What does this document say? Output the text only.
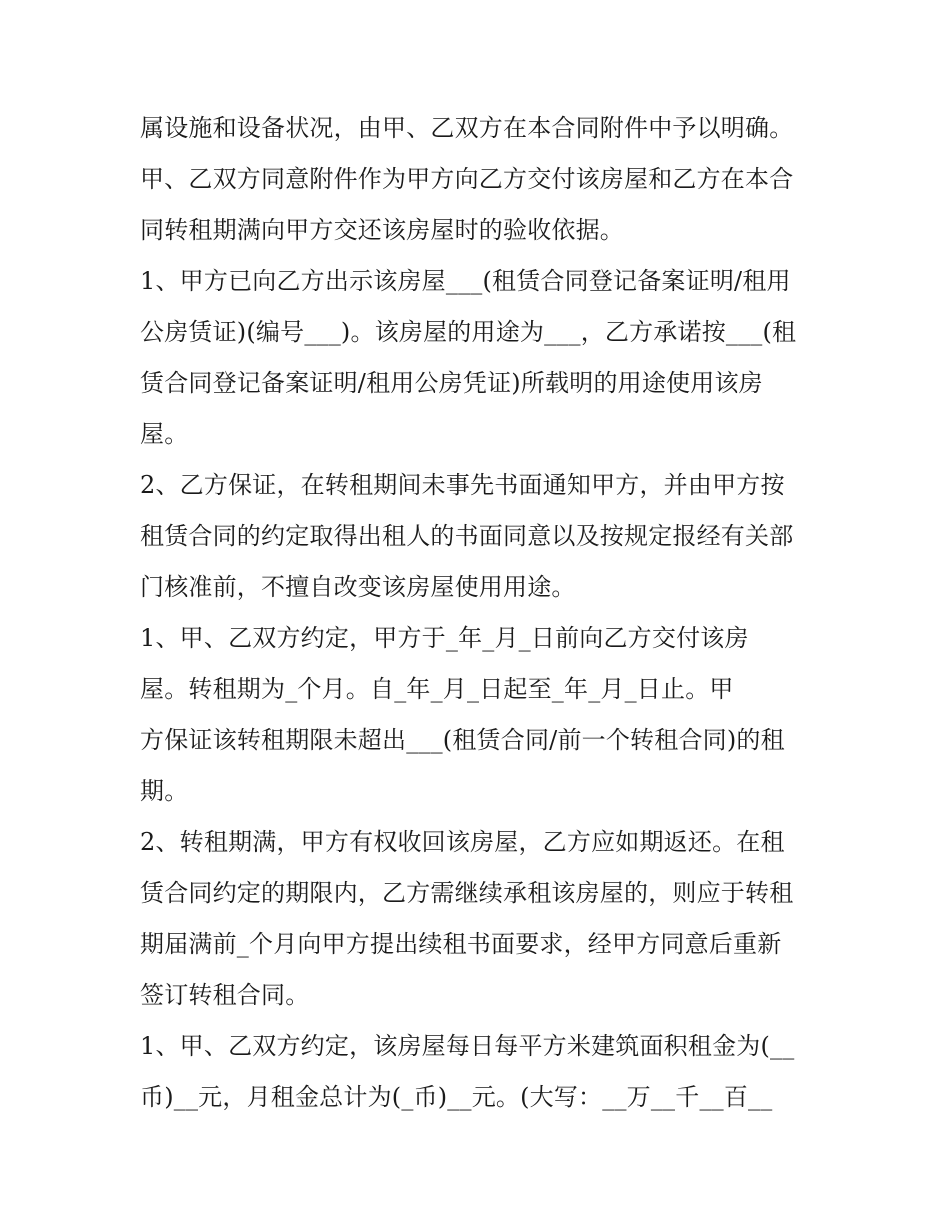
属设施和设备状况，由甲、乙双方在本合同附件中予以明确。
甲、乙双方同意附件作为甲方向乙方交付该房屋和乙方在本合
同转租期满向甲方交还该房屋时的验收依据。
1、甲方已向乙方出示该房屋___(租赁合同登记备案证明/租用
公房赁证)(编号___)。该房屋的用途为___，乙方承诺按___(租
赁合同登记备案证明/租用公房凭证)所载明的用途使用该房
屋。
2、乙方保证，在转租期间未事先书面通知甲方，并由甲方按
租赁合同的约定取得出租人的书面同意以及按规定报经有关部
门核准前，不擅自改变该房屋使用用途。
1、甲、乙双方约定，甲方于_年_月_日前向乙方交付该房
屋。转租期为_个月。自_年_月_日起至_年_月_日止。甲
方保证该转租期限未超出___(租赁合同/前一个转租合同)的租
期。
2、转租期满，甲方有权收回该房屋，乙方应如期返还。在租
赁合同约定的期限内，乙方需继续承租该房屋的，则应于转租
期届满前_个月向甲方提出续租书面要求，经甲方同意后重新
签订转租合同。
1、甲、乙双方约定，该房屋每日每平方米建筑面积租金为(__
币)__元，月租金总计为(_币)__元。(大写：__万__千__百__
